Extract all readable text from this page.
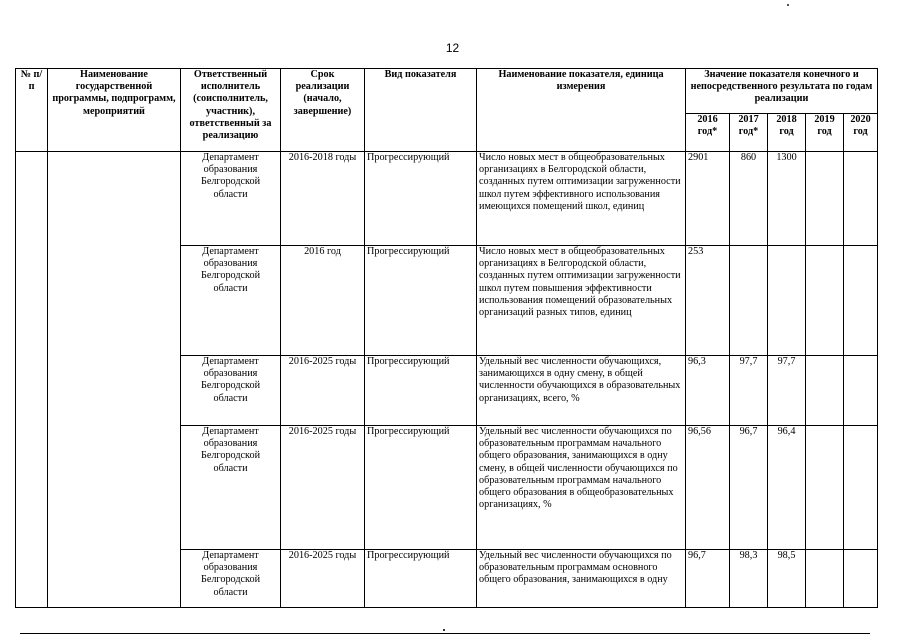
12
№ п/п	Наименование государственной программы, подпрограмм, мероприятий	Ответственный исполнитель (соисполнитель, участник), ответственный за реализацию	Срок реализации (начало, завершение)	Вид показателя	Наименование показателя, единица измерения	Значение показателя конечного и непосредственного результата по годам реализации				
						2016 год*	2017 год*	2018 год	2019 год	2020 год
		Департамент образования Белгородской области	2016-2018 годы	Прогрессирующий	Число новых мест в общеобразовательных организациях в Белгородской области, созданных путем оптимизации загруженности школ путем эффективного использования имеющихся помещений школ, единиц	2901	860	1300		
		Департамент образования Белгородской области	2016 год	Прогрессирующий	Число новых мест в общеобразовательных организациях в Белгородской области, созданных путем оптимизации загруженности школ путем повышения эффективности использования помещений образовательных организаций разных типов, единиц	253				
		Департамент образования Белгородской области	2016-2025 годы	Прогрессирующий	Удельный вес численности обучающихся, занимающихся в одну смену, в общей численности обучающихся в образовательных организациях, всего, %	96,3	97,7	97,7		
		Департамент образования Белгородской области	2016-2025 годы	Прогрессирующий	Удельный вес численности обучающихся по образовательным программам начального общего образования, занимающихся в одну смену, в общей численности обучающихся по образовательным программам начального общего образования в общеобразовательных организациях, %	96,56	96,7	96,4		
		Департамент образования Белгородской области	2016-2025 годы	Прогрессирующий	Удельный вес численности обучающихся по образовательным программам основного общего образования, занимающихся в одну	96,7	98,3	98,5		
